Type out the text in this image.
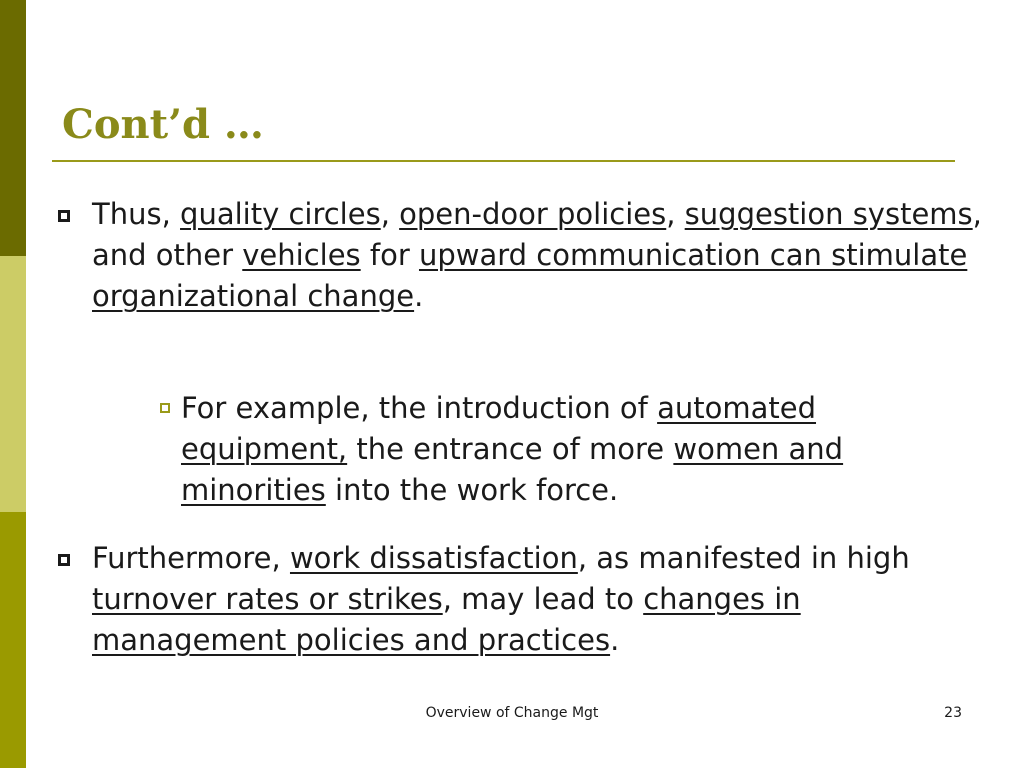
Cont’d …
Thus, quality circles, open-door policies, suggestion systems, and other vehicles for upward communication can stimulate organizational change.
For example, the introduction of automated equipment, the entrance of more women and minorities into the work force.
Furthermore, work dissatisfaction, as manifested in high turnover rates or strikes, may lead to changes in management policies and practices.
Overview of Change Mgt	23
